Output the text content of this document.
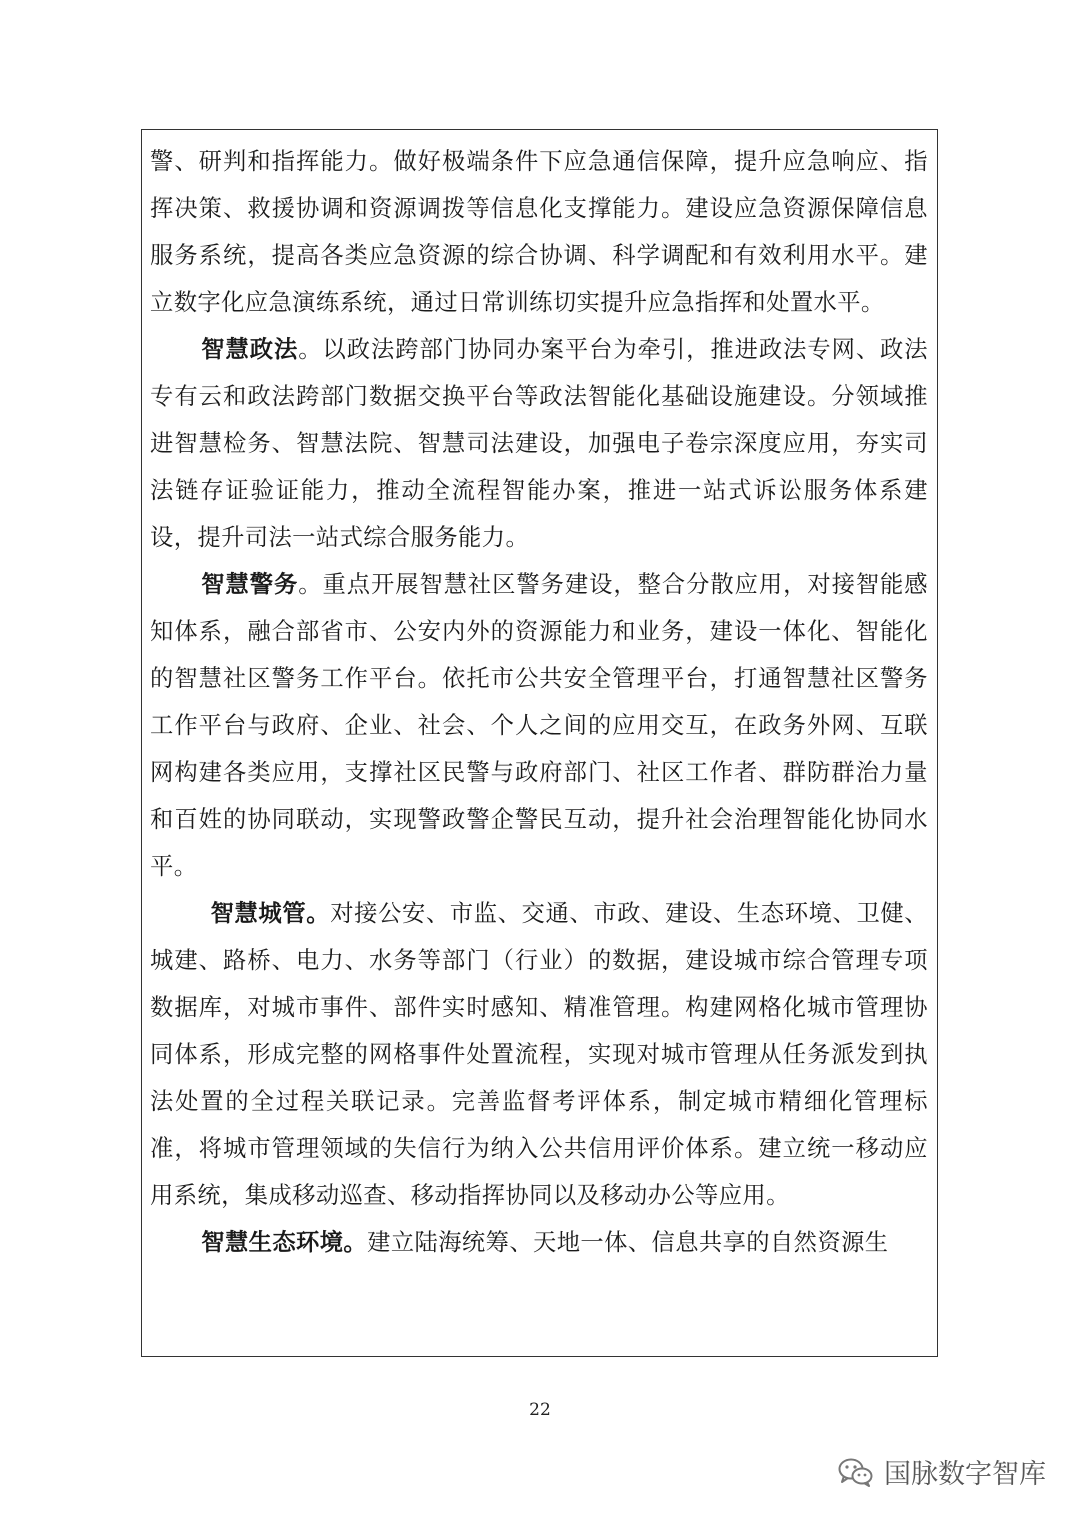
警、研判和指挥能力。做好极端条件下应急通信保障，提升应急响应、指挥决策、救援协调和资源调拨等信息化支撑能力。建设应急资源保障信息服务系统，提高各类应急资源的综合协调、科学调配和有效利用水平。建立数字化应急演练系统，通过日常训练切实提升应急指挥和处置水平。

智慧政法。以政法跨部门协同办案平台为牵引，推进政法专网、政法专有云和政法跨部门数据交换平台等政法智能化基础设施建设。分领域推进智慧检务、智慧法院、智慧司法建设，加强电子卷宗深度应用，夯实司法链存证验证能力，推动全流程智能办案，推进一站式诉讼服务体系建设，提升司法一站式综合服务能力。

智慧警务。重点开展智慧社区警务建设，整合分散应用，对接智能感知体系，融合部省市、公安内外的资源能力和业务，建设一体化、智能化的智慧社区警务工作平台。依托市公共安全管理平台，打通智慧社区警务工作平台与政府、企业、社会、个人之间的应用交互，在政务外网、互联网构建各类应用，支撑社区民警与政府部门、社区工作者、群防群治力量和百姓的协同联动，实现警政警企警民互动，提升社会治理智能化协同水平。

智慧城管。对接公安、市监、交通、市政、建设、生态环境、卫健、城建、路桥、电力、水务等部门（行业）的数据，建设城市综合管理专项数据库，对城市事件、部件实时感知、精准管理。构建网格化城市管理协同体系，形成完整的网格事件处置流程，实现对城市管理从任务派发到执法处置的全过程关联记录。完善监督考评体系，制定城市精细化管理标准，将城市管理领域的失信行为纳入公共信用评价体系。建立统一移动应用系统，集成移动巡查、移动指挥协同以及移动办公等应用。

智慧生态环境。建立陆海统筹、天地一体、信息共享的自然资源生

22
国脉数字智库
